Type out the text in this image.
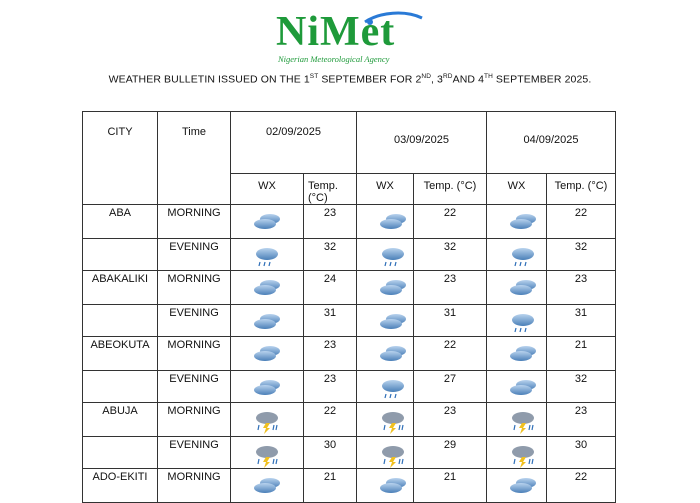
NiMet
Nigerian Meteorological Agency
WEATHER BULLETIN ISSUED ON THE 1ST SEPTEMBER FOR 2ND, 3RDAND 4TH SEPTEMBER 2025.
CITY	Time	02/09/2025		03/09/2025		04/09/2025	
		WX	Temp. (°C)	WX	Temp. (°C)	WX	Temp. (°C)
ABA	MORNING		23		22		22
	EVENING		32		32		32
ABAKALIKI	MORNING		24		23		23
	EVENING		31		31		31
ABEOKUTA	MORNING		23		22		21
	EVENING		23		27		32
ABUJA	MORNING		22		23		23
	EVENING		30		29		30
ADO-EKITI	MORNING		21		21		22
